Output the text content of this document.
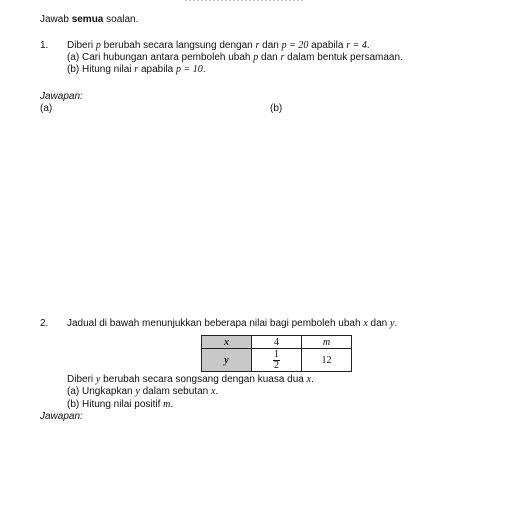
Jawab semua soalan.
1. Diberi p berubah secara langsung dengan r dan p = 20 apabila r = 4.
(a) Cari hubungan antara pemboleh ubah p dan r dalam bentuk persamaan.
(b) Hitung nilai r apabila p = 10.
Jawapan:
(a)	(b)
2. Jadual di bawah menunjukkan beberapa nilai bagi pemboleh ubah x dan y.
x	4	m
y	$\frac{1}{2}$	12
Diberi y berubah secara songsang dengan kuasa dua x.
(a) Ungkapkan y dalam sebutan x.
(b) Hitung nilai positif m.
Jawapan:
